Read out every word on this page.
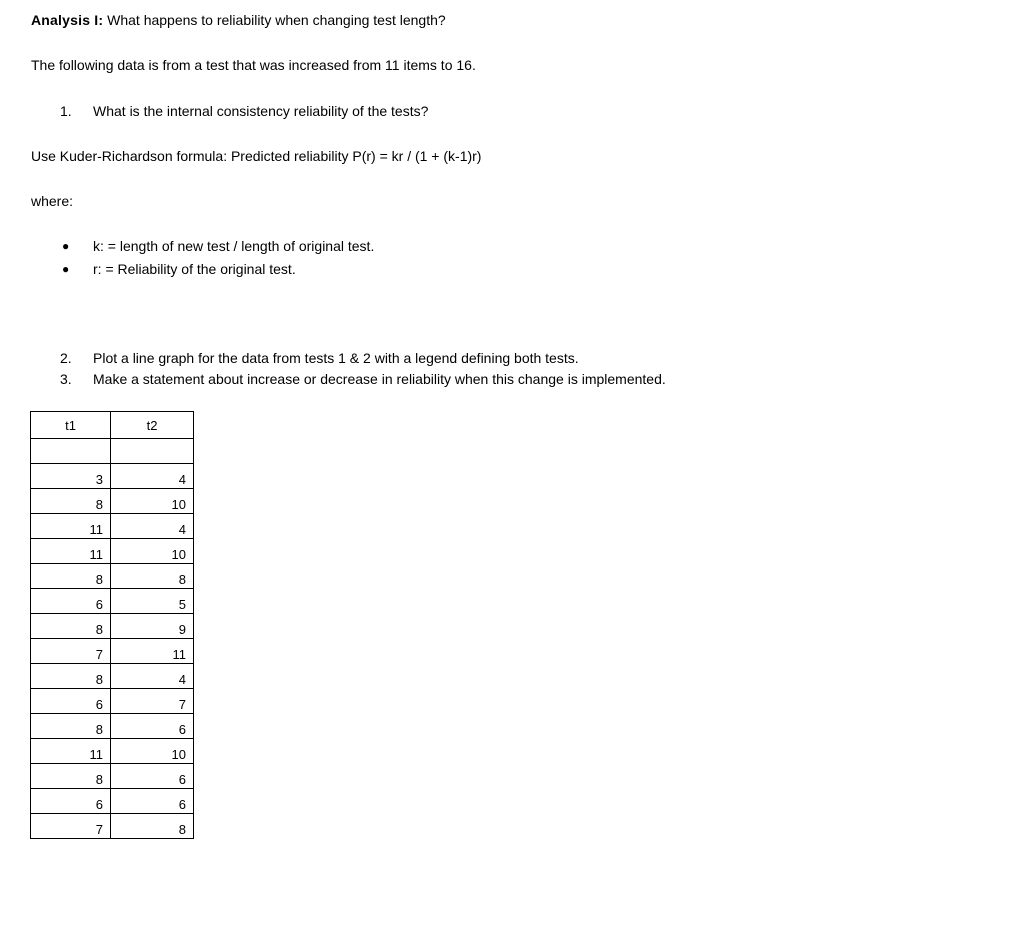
Analysis I: What happens to reliability when changing test length?
The following data is from a test that was increased from 11 items to 16.
1. What is the internal consistency reliability of the tests?
Use Kuder-Richardson formula: Predicted reliability P(r) = kr / (1 + (k-1)r)
where:
● k: = length of new test / length of original test.
● r: = Reliability of the original test.
2. Plot a line graph for the data from tests 1 & 2 with a legend defining both tests.
3. Make a statement about increase or decrease in reliability when this change is implemented.
t1	t2

3	4
8	10
11	4
11	10
8	8
6	5
8	9
7	11
8	4
6	7
8	6
11	10
8	6
6	6
7	8
